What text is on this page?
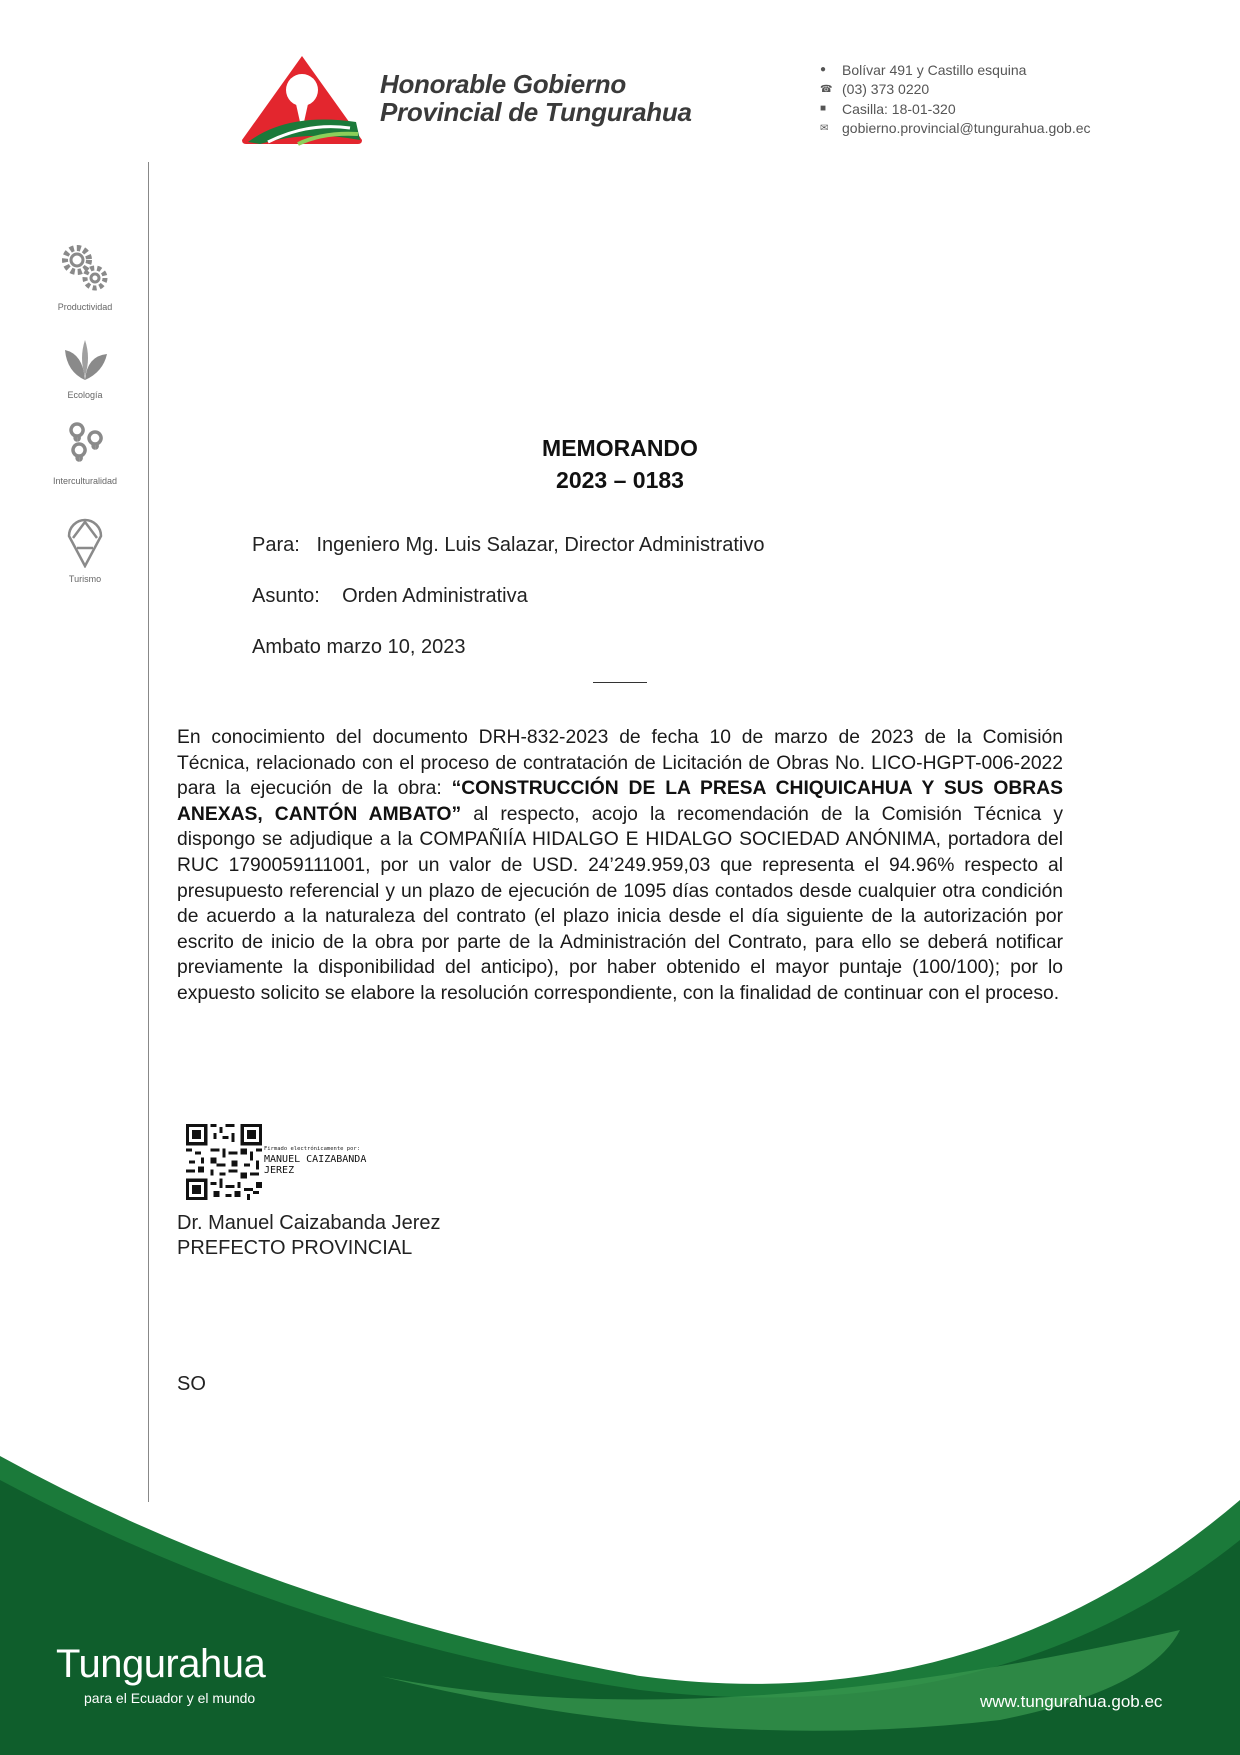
Honorable Gobierno
Provincial de Tungurahua
●	Bolívar 491 y Castillo esquina
☎ (03) 373 0220
■	Casilla: 18-01-320
✉ gobierno.provincial@tungurahua.gob.ec
Productividad
Ecología
Interculturalidad
Turismo
MEMORANDO
2023 – 0183
Para: Ingeniero Mg. Luis Salazar, Director Administrativo
Asunto: Orden Administrativa
Ambato marzo 10, 2023
En conocimiento del documento DRH-832-2023 de fecha 10 de marzo de 2023 de la Comisión Técnica, relacionado con el proceso de contratación de Licitación de Obras No. LICO-HGPT-006-2022 para la ejecución de la obra: “CONSTRUCCIÓN DE LA PRESA CHIQUICAHUA Y SUS OBRAS ANEXAS, CANTÓN AMBATO” al respecto, acojo la recomendación de la Comisión Técnica y dispongo se adjudique a la COMPAÑIÍA HIDALGO E HIDALGO SOCIEDAD ANÓNIMA, portadora del RUC 1790059111001, por un valor de USD. 24’249.959,03 que representa el 94.96% respecto al presupuesto referencial y un plazo de ejecución de 1095 días contados desde cualquier otra condición de acuerdo a la naturaleza del contrato (el plazo inicia desde el día siguiente de la autorización por escrito de inicio de la obra por parte de la Administración del Contrato, para ello se deberá notificar previamente la disponibilidad del anticipo), por haber obtenido el mayor puntaje (100/100); por lo expuesto solicito se elabore la resolución correspondiente, con la finalidad de continuar con el proceso.
Firmado electrónicamente por:
MANUEL CAIZABANDA
JEREZ
Dr. Manuel Caizabanda Jerez
PREFECTO PROVINCIAL
SO
Tungurahua
para el Ecuador y el mundo	www.tungurahua.gob.ec
